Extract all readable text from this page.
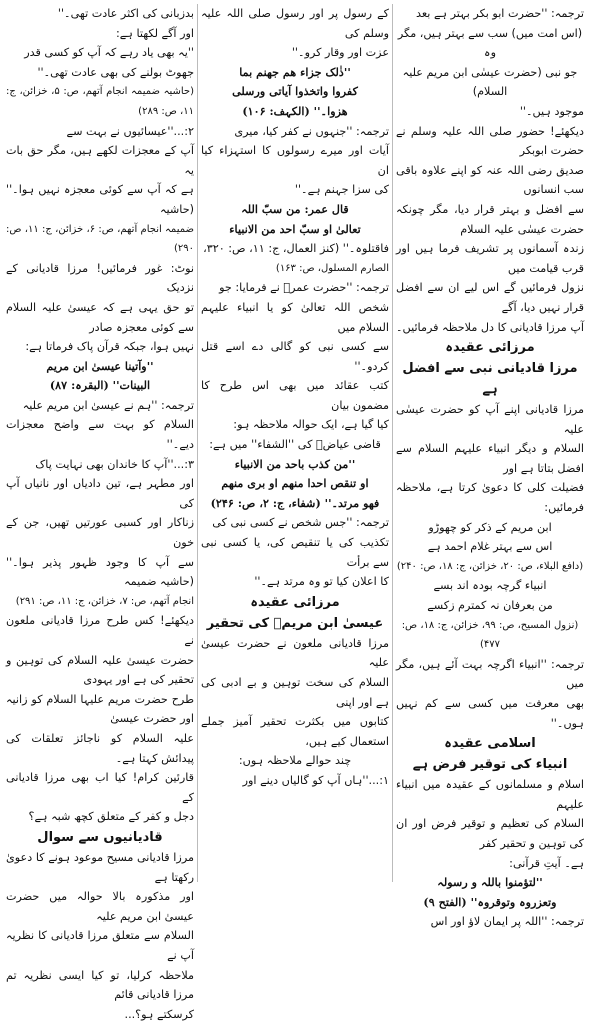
ترجمہ: ''حضرت ابو بکر بہتر ہے بعد

(اس امت میں) سب سے بہتر ہیں، مگر وہ

جو نبی (حضرت عیسٰی ابن مریم علیہ السلام)

موجود ہیں۔''

دیکھئے! حضور صلی اللہ علیہ وسلم نے حضرت ابوبکر

صدیق رضی اللہ عنہ کو اپنے علاوہ باقی سب انسانوں

سے افضل و بہتر قرار دیا، مگر چونکہ حضرت عیسٰی علیہ السلام

زندہ آسمانوں پر تشریف فرما ہیں اور قرب قیامت میں

نزول فرمائیں گے اس لیے ان سے افضل قرار نہیں دیا، آگے

آپ مرزا قادیانی کا دل ملاحظہ فرمائیں۔

مرزائی عقیدہ

مرزا قادیانی نبی سے افضل ہے

مرزا قادیانی اپنے آپ کو حضرت عیسٰی علیہ

السلام و دیگر انبیاء علیہم السلام سے افضل بتاتا ہے اور

فضیلت کلی کا دعویٰ کرتا ہے، ملاحظہ فرمائیں:

ابن مریم کے ذکر کو چھوڑو

اس سے بہتر غلام احمد ہے

(دافع البلاء، ص: ۲۰، خزائن، ج: ۱۸، ص: ۲۴۰)

انبیاء گرچہ بودہ اند بسے

من بعرفان نہ کمترم زکسے

(نزول المسیح، ص: ۹۹، خزائن، ج: ۱۸، ص: ۴۷۷)

ترجمہ: ''انبیاء اگرچہ بہت آئے ہیں، مگر میں

بھی معرفت میں کسی سے کم نہیں ہوں۔''

اسلامی عقیدہ

انبیاء کی توقیر فرض ہے

اسلام و مسلمانوں کے عقیدہ میں انبیاء علیہم

السلام کی تعظیم و توقیر فرض اور ان کی توہین و تحقیر کفر

ہے۔ آیتِ قرآنی:

''لتؤمنوا باللہ و رسولہ

وتعزروہ وتوقروہ'' (الفتح ۹)

ترجمہ: ''اللہ پر ایمان لاؤ اور اس

کے رسول پر اور رسول صلی اللہ علیہ وسلم کی

عزت اور وقار کرو۔''

''ذٰلک جزاء ھم جھنم بما

کفروا واتخذوا آیاتی ورسلی

ھزوا۔'' (الکہف: ۱۰۶)

ترجمہ: ''جنہوں نے کفر کیا، میری

آیات اور میرے رسولوں کا استہزاء کیا ان

کی سزا جہنم ہے۔''

قال عمر: من سبّ اللہ

تعالیٰ او سبّ احد من الانبیاء

فاقتلوہ۔'' (کنز العمال، ج: ۱۱، ص: ۳۲۰،

الصارم المسلول، ص: ۱۶۳)

ترجمہ: ''حضرت عمرؓ نے فرمایا: جو

شخص اللہ تعالیٰ کو یا انبیاء علیہم السلام میں

سے کسی نبی کو گالی دے اسے قتل کردو۔''

کتب عقائد میں بھی اس طرح کا مضمون بیان

کیا گیا ہے، ایک حوالہ ملاحظہ ہو:

قاضی عیاضؒ کی ''الشفاء'' میں ہے:

''من کذب باحد من الانبیاء

او تنقص احدا منھم او بری منھم

فھو مرتد۔'' (شفاء، ج: ۲، ص: ۲۴۶)

ترجمہ: ''جس شخص نے کسی نبی کی

تکذیب کی یا تنقیص کی، یا کسی نبی سے برأت

کا اعلان کیا تو وہ مرتد ہے۔''

مرزائی عقیدہ

عیسیٰ ابن مریمؑ کی تحقیر

مرزا قادیانی ملعون نے حضرت عیسیٰ علیہ

السلام کی سخت توہین و بے ادبی کی ہے اور اپنی

کتابوں میں بکثرت تحقیر آمیز جملے استعمال کیے ہیں،

چند حوالے ملاحظہ ہوں:

۱:...''ہاں آپ کو گالیاں دینے اور

بدزبانی کی اکثر عادت تھی۔''

اور آگے لکھتا ہے:

''یہ بھی یاد رہے کہ آپ کو کسی قدر

جھوٹ بولنے کی بھی عادت تھی۔''

(حاشیہ ضمیمہ انجام آتھم، ص: ۵، خزائن، ج: ۱۱، ص: ۲۸۹)

۲:...''عیسائیوں نے بہت سے

آپ کے معجزات لکھے ہیں، مگر حق بات یہ

ہے کہ آپ سے کوئی معجزہ نہیں ہوا۔'' (حاشیہ

ضمیمہ انجام آتھم، ص: ۶، خزائن، ج: ۱۱، ص: ۲۹۰)

نوٹ: غور فرمائیں! مرزا قادیانی کے نزدیک

تو حق یہی ہے کہ عیسیٰ علیہ السلام سے کوئی معجزہ صادر

نہیں ہوا، جبکہ قرآن پاک فرماتا ہے:

''وآتینا عیسیٰ ابن مریم

البینات'' (البقرہ: ۸۷)

ترجمہ: ''ہم نے عیسیٰ ابن مریم علیہ

السلام کو بہت سے واضح معجزات دیے۔''

۳:...''آپ کا خاندان بھی نہایت پاک

اور مطہر ہے، تین دادیاں اور نانیاں آپ کی

زناکار اور کسبی عورتیں تھیں، جن کے خون

سے آپ کا وجود ظہور پذیر ہوا۔'' (حاشیہ ضمیمہ

انجام آتھم، ص: ۷، خزائن، ج: ۱۱، ص: ۲۹۱)

دیکھئے! کس طرح مرزا قادیانی ملعون نے

حضرت عیسیٰ علیہ السلام کی توہین و تحقیر کی ہے اور یہودی

طرح حضرت مریم علیہا السلام کو زانیہ اور حضرت عیسیٰ

علیہ السلام کو ناجائز تعلقات کی پیدائش کہتا ہے۔

قارئین کرام! کیا اب بھی مرزا قادیانی کے

دجل و کفر کے متعلق کچھ شبہ ہے؟

قادیانیوں سے سوال

مرزا قادیانی مسیح موعود ہونے کا دعویٰ رکھتا ہے

اور مذکورہ بالا حوالہ میں حضرت عیسیٰ ابن مریم علیہ

السلام سے متعلق مرزا قادیانی کا نظریہ آپ نے

ملاحظہ کرلیا، تو کیا ایسی نظریہ تم مرزا قادیانی قائم

کرسکتے ہو؟...
